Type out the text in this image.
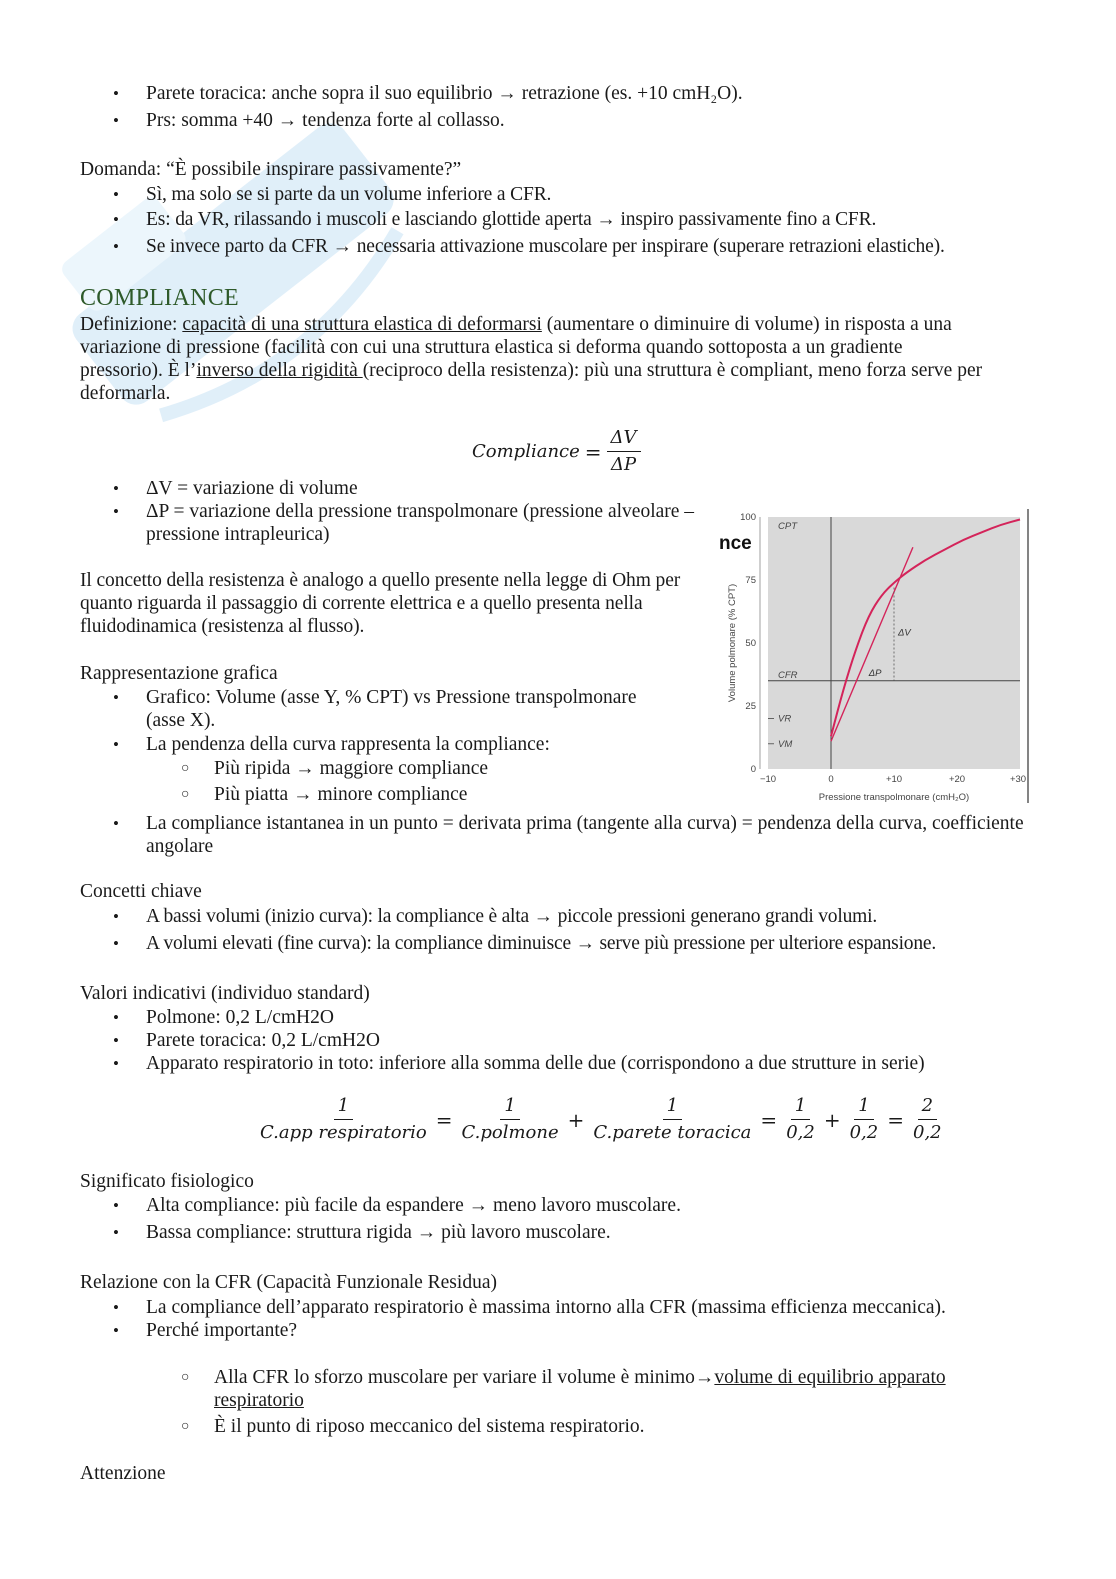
• Parete toracica: anche sopra il suo equilibrio → retrazione (es. +10 cmH₂O).
• Prs: somma +40 → tendenza forte al collasso.
Domanda: “È possibile inspirare passivamente?”
• Sì, ma solo se si parte da un volume inferiore a CFR.
• Es: da VR, rilassando i muscoli e lasciando glottide aperta → inspiro passivamente fino a CFR.
• Se invece parto da CFR → necessaria attivazione muscolare per inspirare (superare retrazioni elastiche).
COMPLIANCE
Definizione: capacità di una struttura elastica di deformarsi (aumentare o diminuire di volume) in risposta a una variazione di pressione (facilità con cui una struttura elastica si deforma quando sottoposta a un gradiente pressorio). È l’inverso della rigidità (reciproco della resistenza): più una struttura è compliant, meno forza serve per deformarla.
Compliance = $\frac{\Delta V}{\Delta P}$
• ΔV = variazione di volume
• ΔP = variazione della pressione transpolmonare (pressione alveolare – pressione intrapleurica)
Il concetto della resistenza è analogo a quello presente nella legge di Ohm per quanto riguarda il passaggio di corrente elettrica e a quello presenta nella fluidodinamica (resistenza al flusso).
Rappresentazione grafica
• Grafico: Volume (asse Y, % CPT) vs Pressione transpolmonare (asse X).
• La pendenza della curva rappresenta la compliance:
○ Più ripida → maggiore compliance
○ Più piatta → minore compliance
• La compliance istantanea in un punto = derivata prima (tangente alla curva) = pendenza della curva, coefficiente angolare
nce
0
25
50
75
100
−10	0	+10	+20	+30
CPT
CFR
VR
VM
ΔV
ΔP
Volume polmonare (% CPT)
Pressione transpolmonare (cmH₂O)
Concetti chiave
• A bassi volumi (inizio curva): la compliance è alta → piccole pressioni generano grandi volumi.
• A volumi elevati (fine curva): la compliance diminuisce → serve più pressione per ulteriore espansione.
Valori indicativi (individuo standard)
• Polmone: 0,2 L/cmH2O
• Parete toracica: 0,2 L/cmH2O
• Apparato respiratorio in toto: inferiore alla somma delle due (corrispondono a due strutture in serie)
$\frac{1}{\text{C.app respiratorio}} = \frac{1}{\text{C.polmone}} + \frac{1}{\text{C.parete toracica}} = \frac{1}{0,2} + \frac{1}{0,2} = \frac{2}{0,2}$
Significato fisiologico
• Alta compliance: più facile da espandere → meno lavoro muscolare.
• Bassa compliance: struttura rigida → più lavoro muscolare.
Relazione con la CFR (Capacità Funzionale Residua)
• La compliance dell’apparato respiratorio è massima intorno alla CFR (massima efficienza meccanica).
• Perché importante?
○ Alla CFR lo sforzo muscolare per variare il volume è minimo→volume di equilibrio apparato respiratorio
○ È il punto di riposo meccanico del sistema respiratorio.
Attenzione
